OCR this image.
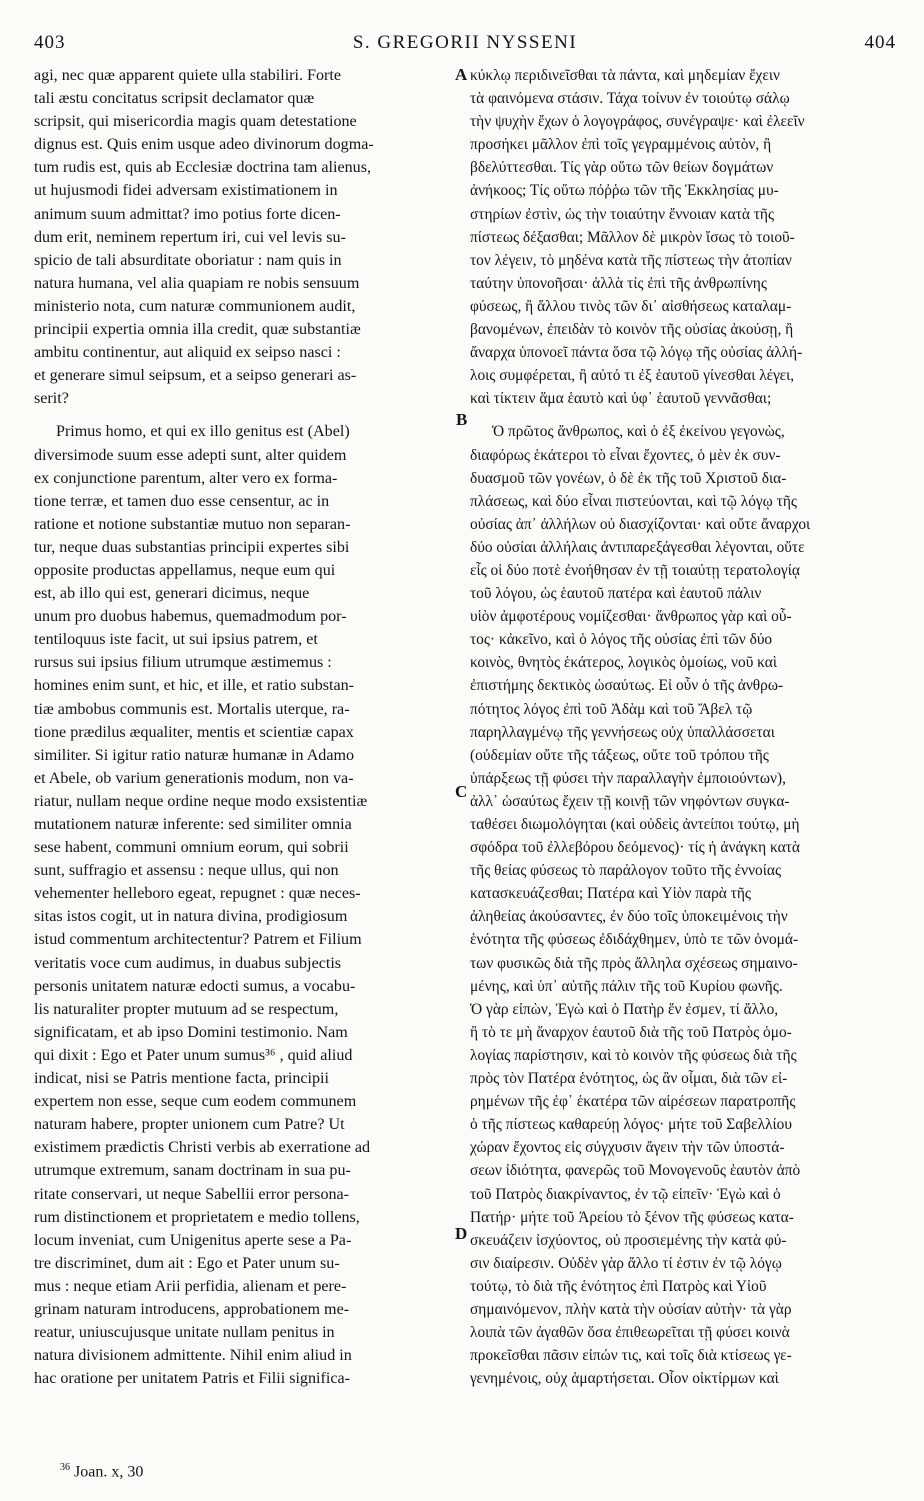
403	S. GREGORII NYSSENI	404
A
B
C
D
agi, nec quæ apparent quiete ulla stabiliri. Forte
tali æstu concitatus scripsit declamator quæ
scripsit, qui misericordia magis quam detestatione
dignus est. Quis enim usque adeo divinorum dogma-
tum rudis est, quis ab Ecclesiæ doctrina tam alienus,
ut hujusmodi fidei adversam existimationem in
animum suum admittat? imo potius forte dicen-
dum erit, neminem repertum iri, cui vel levis su-
spicio de tali absurditate oboriatur : nam quis in
natura humana, vel alia quapiam re nobis sensuum
ministerio nota, cum naturæ communionem audit,
principii expertia omnia illa credit, quæ substantiæ
ambitu continentur, aut aliquid ex seipso nasci :
et generare simul seipsum, et a seipso generari as-
serit?
Primus homo, et qui ex illo genitus est (Abel)
diversimode suum esse adepti sunt, alter quidem
ex conjunctione parentum, alter vero ex forma-
tione terræ, et tamen duo esse censentur, ac in
ratione et notione substantiæ mutuo non separan-
tur, neque duas substantias principii expertes sibi
opposite productas appellamus, neque eum qui
est, ab illo qui est, generari dicimus, neque
unum pro duobus habemus, quemadmodum por-
tentiloquus iste facit, ut sui ipsius patrem, et
rursus sui ipsius filium utrumque æstimemus :
homines enim sunt, et hic, et ille, et ratio substan-
tiæ ambobus communis est. Mortalis uterque, ra-
tione prædilus æqualiter, mentis et scientiæ capax
similiter. Si igitur ratio naturæ humanæ in Adamo
et Abele, ob varium generationis modum, non va-
riatur, nullam neque ordine neque modo exsistentiæ
mutationem naturæ inferente: sed similiter omnia
sese habent, communi omnium eorum, qui sobrii
sunt, suffragio et assensu : neque ullus, qui non
vehementer helleboro egeat, repugnet : quæ neces-
sitas istos cogit, ut in natura divina, prodigiosum
istud commentum architectentur? Patrem et Filium
veritatis voce cum audimus, in duabus subjectis
personis unitatem naturæ edocti sumus, a vocabu-
lis naturaliter propter mutuum ad se respectum,
significatam, et ab ipso Domini testimonio. Nam
qui dixit : Ego et Pater unum sumus³⁶ , quid aliud
indicat, nisi se Patris mentione facta, principii
expertem non esse, seque cum eodem communem
naturam habere, propter unionem cum Patre? Ut
existimem prædictis Christi verbis ab exerratione ad
utrumque extremum, sanam doctrinam in sua pu-
ritate conservari, ut neque Sabellii error persona-
rum distinctionem et proprietatem e medio tollens,
locum inveniat, cum Unigenitus aperte sese a Pa-
tre discriminet, dum ait : Ego et Pater unum su-
mus : neque etiam Arii perfidia, alienam et pere-
grinam naturam introducens, approbationem me-
reatur, uniuscujusque unitate nullam penitus in
natura divisionem admittente. Nihil enim aliud in
hac oratione per unitatem Patris et Filii significa-
κύκλῳ περιδινεῖσθαι τὰ πάντα, καὶ μηδεμίαν ἔχειν
τὰ φαινόμενα στάσιν. Τάχα τοίνυν ἐν τοιούτῳ σάλῳ
τὴν ψυχὴν ἔχων ὁ λογογράφος, συνέγραψε· καὶ ἐλεεῖν
προσήκει μᾶλλον ἐπὶ τοῖς γεγραμμένοις αὐτὸν, ἢ
βδελύττεσθαι. Τίς γὰρ οὕτω τῶν θείων δογμάτων
ἀνήκοος; Τίς οὕτω πόῤῥω τῶν τῆς Ἐκκλησίας μυ-
στηρίων ἐστὶν, ὡς τὴν τοιαύτην ἔννοιαν κατὰ τῆς
πίστεως δέξασθαι; Μᾶλλον δὲ μικρὸν ἴσως τὸ τοιοῦ-
τον λέγειν, τὸ μηδένα κατὰ τῆς πίστεως τὴν ἀτοπίαν
ταύτην ὑπονοῆσαι· ἀλλὰ τίς ἐπὶ τῆς ἀνθρωπίνης
φύσεως, ἢ ἄλλου τινὸς τῶν δι᾽ αἰσθήσεως καταλαμ-
βανομένων, ἐπειδὰν τὸ κοινὸν τῆς οὐσίας ἀκούσῃ, ἢ
ἄναρχα ὑπονοεῖ πάντα ὅσα τῷ λόγῳ τῆς οὐσίας ἀλλή-
λοις συμφέρεται, ἢ αὐτό τι ἐξ ἑαυτοῦ γίνεσθαι λέγει,
καὶ τίκτειν ἅμα ἑαυτὸ καὶ ὑφ᾽ ἑαυτοῦ γεννᾶσθαι;
Ὁ πρῶτος ἄνθρωπος, καὶ ὁ ἐξ ἐκείνου γεγονὼς,
διαφόρως ἑκάτεροι τὸ εἶναι ἔχοντες, ὁ μὲν ἐκ συν-
δυασμοῦ τῶν γονέων, ὁ δὲ ἐκ τῆς τοῦ Χριστοῦ δια-
πλάσεως, καὶ δύο εἶναι πιστεύονται, καὶ τῷ λόγῳ τῆς
οὐσίας ἀπ᾽ ἀλλήλων οὐ διασχίζονται· καὶ οὔτε ἄναρχοι
δύο οὐσίαι ἀλλήλαις ἀντιπαρεξάγεσθαι λέγονται, οὔτε
εἷς οἱ δύο ποτὲ ἐνοήθησαν ἐν τῇ τοιαύτῃ τερατολογίᾳ
τοῦ λόγου, ὡς ἑαυτοῦ πατέρα καὶ ἑαυτοῦ πάλιν
υἱὸν ἀμφοτέρους νομίζεσθαι· ἄνθρωπος γὰρ καὶ οὗ-
τος· κἀκεῖνο, καὶ ὁ λόγος τῆς οὐσίας ἐπὶ τῶν δύο
κοινὸς, θνητὸς ἑκάτερος, λογικὸς ὁμοίως, νοῦ καὶ
ἐπιστήμης δεκτικὸς ὡσαύτως. Εἰ οὖν ὁ τῆς ἀνθρω-
πότητος λόγος ἐπὶ τοῦ Ἀδὰμ καὶ τοῦ Ἄβελ τῷ
παρηλλαγμένῳ τῆς γεννήσεως οὐχ ὑπαλλάσσεται
(οὐδεμίαν οὔτε τῆς τάξεως, οὔτε τοῦ τρόπου τῆς
ὑπάρξεως τῇ φύσει τὴν παραλλαγὴν ἐμποιούντων),
ἀλλ᾽ ὡσαύτως ἔχειν τῇ κοινῇ τῶν νηφόντων συγκα-
ταθέσει διωμολόγηται (καὶ οὐδεὶς ἀντείποι τούτῳ, μὴ
σφόδρα τοῦ ἐλλεβόρου δεόμενος)· τίς ἡ ἀνάγκη κατὰ
τῆς θείας φύσεως τὸ παράλογον τοῦτο τῆς ἐννοίας
κατασκευάζεσθαι; Πατέρα καὶ Υἱὸν παρὰ τῆς
ἀληθείας ἀκούσαντες, ἐν δύο τοῖς ὑποκειμένοις τὴν
ἑνότητα τῆς φύσεως ἐδιδάχθημεν, ὑπὸ τε τῶν ὀνομά-
των φυσικῶς διὰ τῆς πρὸς ἄλληλα σχέσεως σημαινο-
μένης, καὶ ὑπ᾽ αὐτῆς πάλιν τῆς τοῦ Κυρίου φωνῆς.
Ὁ γὰρ εἰπὼν, Ἐγὼ καὶ ὁ Πατὴρ ἕν ἐσμεν, τί ἄλλο,
ἢ τὸ τε μὴ ἄναρχον ἑαυτοῦ διὰ τῆς τοῦ Πατρὸς ὁμο-
λογίας παρίστησιν, καὶ τὸ κοινὸν τῆς φύσεως διὰ τῆς
πρὸς τὸν Πατέρα ἑνότητος, ὡς ἂν οἶμαι, διὰ τῶν εἰ-
ρημένων τῆς ἐφ᾽ ἑκατέρα τῶν αἱρέσεων παρατροπῆς
ὁ τῆς πίστεως καθαρεύῃ λόγος· μήτε τοῦ Σαβελλίου
χώραν ἔχοντος εἰς σύγχυσιν ἄγειν τὴν τῶν ὑποστά-
σεων ἰδιότητα, φανερῶς τοῦ Μονογενοῦς ἑαυτὸν ἀπὸ
τοῦ Πατρὸς διακρίναντος, ἐν τῷ εἰπεῖν· Ἐγὼ καὶ ὁ
Πατήρ· μήτε τοῦ Ἀρείου τὸ ξένον τῆς φύσεως κατα-
σκευάζειν ἰσχύοντος, οὐ προσιεμένης τὴν κατὰ φύ-
σιν διαίρεσιν. Οὐδὲν γὰρ ἄλλο τί ἐστιν ἐν τῷ λόγῳ
τούτῳ, τὸ διὰ τῆς ἑνότητος ἐπὶ Πατρὸς καὶ Υἱοῦ
σημαινόμενον, πλὴν κατὰ τὴν οὐσίαν αὐτὴν· τὰ γὰρ
λοιπὰ τῶν ἀγαθῶν ὅσα ἐπιθεωρεῖται τῇ φύσει κοινὰ
προκεῖσθαι πᾶσιν εἰπών τις, καὶ τοῖς διὰ κτίσεως γε-
γενημένοις, οὐχ ἁμαρτήσεται. Οἷον οἰκτίρμων καὶ
$^{36}$ Joan. x, 30
